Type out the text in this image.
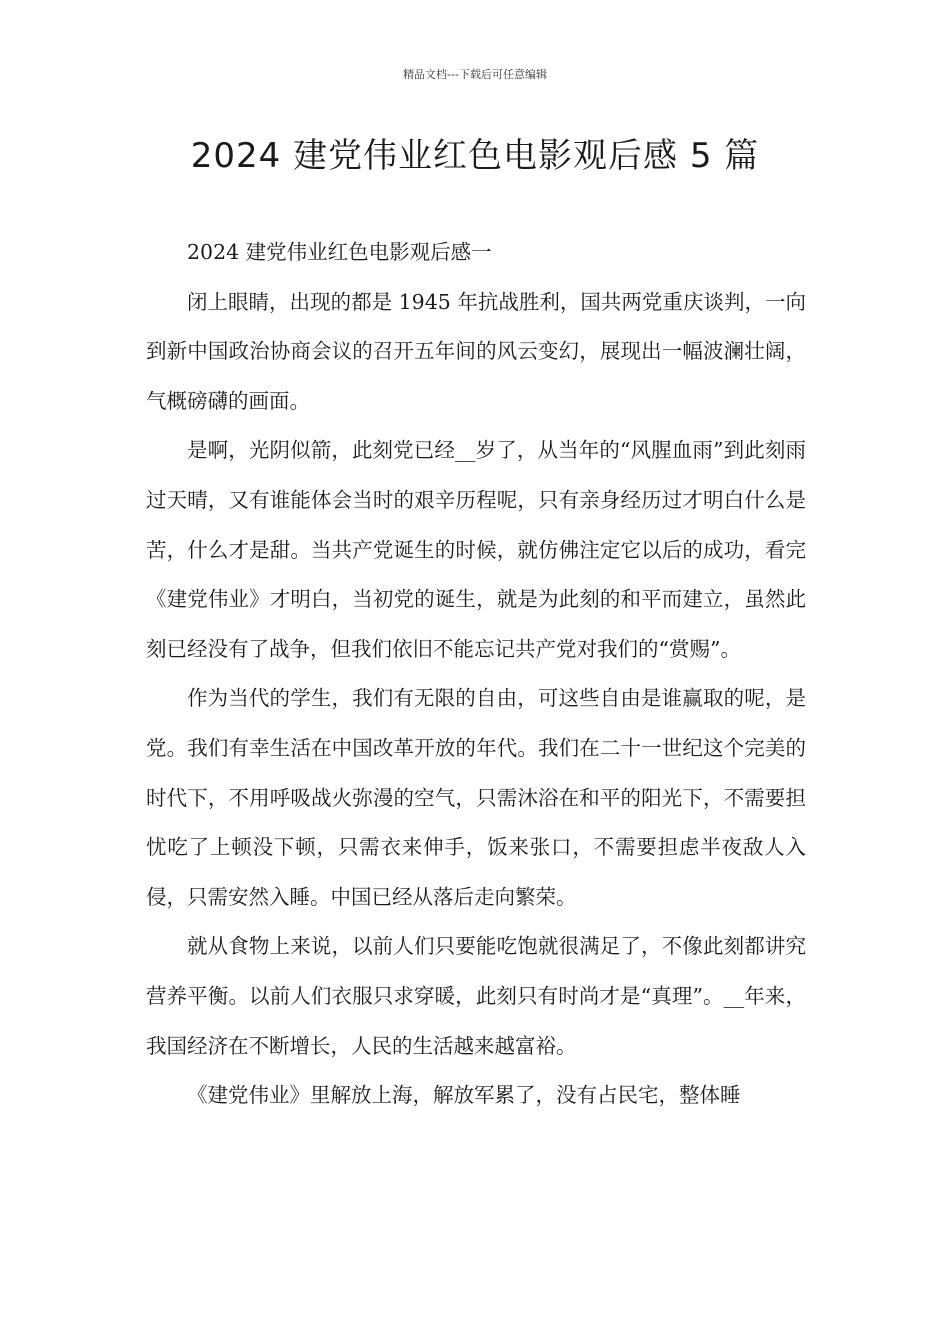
精品文档---下载后可任意编辑
2024 建党伟业红色电影观后感 5 篇

2024 建党伟业红色电影观后感一

闭上眼睛，出现的都是 1945 年抗战胜利，国共两党重庆谈判，一向到新中国政治协商会议的召开五年间的风云变幻，展现出一幅波澜壮阔，气概磅礴的画面。

是啊，光阴似箭，此刻党已经__岁了，从当年的“风腥血雨”到此刻雨过天晴，又有谁能体会当时的艰辛历程呢，只有亲身经历过才明白什么是苦，什么才是甜。当共产党诞生的时候，就仿佛注定它以后的成功，看完《建党伟业》才明白，当初党的诞生，就是为此刻的和平而建立，虽然此刻已经没有了战争，但我们依旧不能忘记共产党对我们的“赏赐”。

作为当代的学生，我们有无限的自由，可这些自由是谁赢取的呢，是党。我们有幸生活在中国改革开放的年代。我们在二十一世纪这个完美的时代下，不用呼吸战火弥漫的空气，只需沐浴在和平的阳光下，不需要担忧吃了上顿没下顿，只需衣来伸手，饭来张口，不需要担虑半夜敌人入侵，只需安然入睡。中国已经从落后走向繁荣。

就从食物上来说，以前人们只要能吃饱就很满足了，不像此刻都讲究营养平衡。以前人们衣服只求穿暖，此刻只有时尚才是“真理”。__年来，我国经济在不断增长，人民的生活越来越富裕。

《建党伟业》里解放上海，解放军累了，没有占民宅，整体睡
